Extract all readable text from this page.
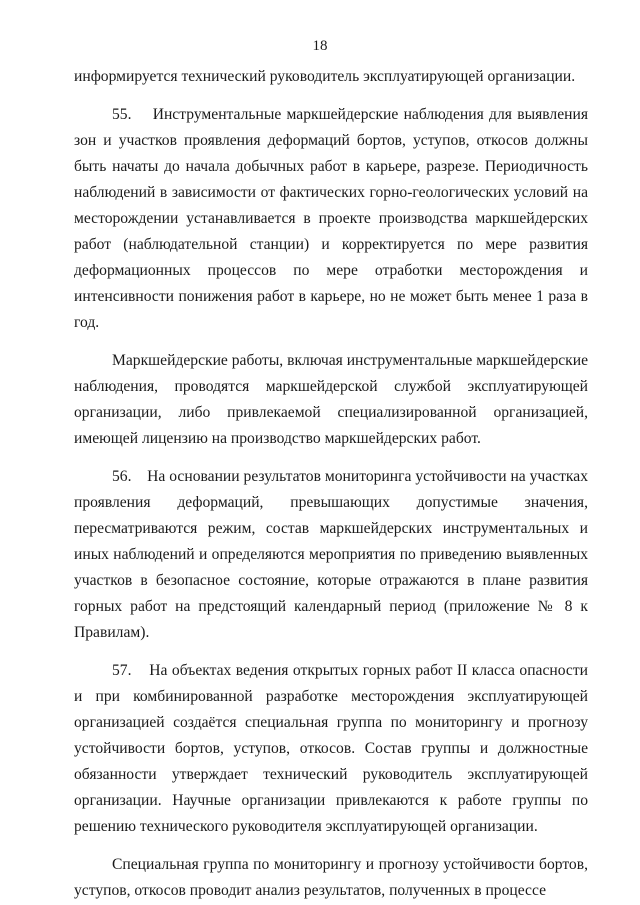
18

информируется технический руководитель эксплуатирующей организации.

55.    Инструментальные маркшейдерские наблюдения для выявления зон и участков проявления деформаций бортов, уступов, откосов должны быть начаты до начала добычных работ в карьере, разрезе. Периодичность наблюдений в зависимости от фактических горно-геологических условий на месторождении устанавливается в проекте производства маркшейдерских работ (наблюдательной станции) и корректируется по мере развития деформационных процессов по мере отработки месторождения и интенсивности понижения работ в карьере, но не может быть менее 1 раза в год.

Маркшейдерские работы, включая инструментальные маркшейдерские наблюдения, проводятся маркшейдерской службой эксплуатирующей организации, либо привлекаемой специализированной организацией, имеющей лицензию на производство маркшейдерских работ.

56.    На основании результатов мониторинга устойчивости на участках проявления деформаций, превышающих допустимые значения, пересматриваются режим, состав маркшейдерских инструментальных и иных наблюдений и определяются мероприятия по приведению выявленных участков в безопасное состояние, которые отражаются в плане развития горных работ на предстоящий календарный период (приложение № 8 к Правилам).

57.    На объектах ведения открытых горных работ II класса опасности и при комбинированной разработке месторождения эксплуатирующей организацией создаётся специальная группа по мониторингу и прогнозу устойчивости бортов, уступов, откосов. Состав группы и должностные обязанности утверждает технический руководитель эксплуатирующей организации. Научные организации привлекаются к работе группы по решению технического руководителя эксплуатирующей организации.

Специальная группа по мониторингу и прогнозу устойчивости бортов, уступов, откосов проводит анализ результатов, полученных в процессе
